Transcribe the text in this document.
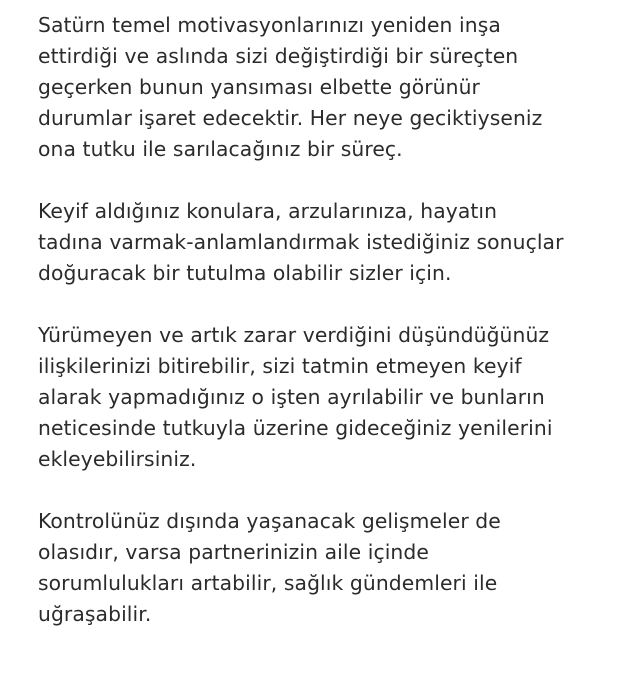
Satürn temel motivasyonlarınızı yeniden inşa
ettirdiği ve aslında sizi değiştirdiği bir süreçten
geçerken bunun yansıması elbette görünür
durumlar işaret edecektir. Her neye geciktiyseniz
ona tutku ile sarılacağınız bir süreç.

Keyif aldığınız konulara, arzularınıza, hayatın
tadına varmak-anlamlandırmak istediğiniz sonuçlar
doğuracak bir tutulma olabilir sizler için.

Yürümeyen ve artık zarar verdiğini düşündüğünüz
ilişkilerinizi bitirebilir, sizi tatmin etmeyen keyif
alarak yapmadığınız o işten ayrılabilir ve bunların
neticesinde tutkuyla üzerine gideceğiniz yenilerini
ekleyebilirsiniz.

Kontrolünüz dışında yaşanacak gelişmeler de
olasıdır, varsa partnerinizin aile içinde
sorumlulukları artabilir, sağlık gündemleri ile
uğraşabilir.
